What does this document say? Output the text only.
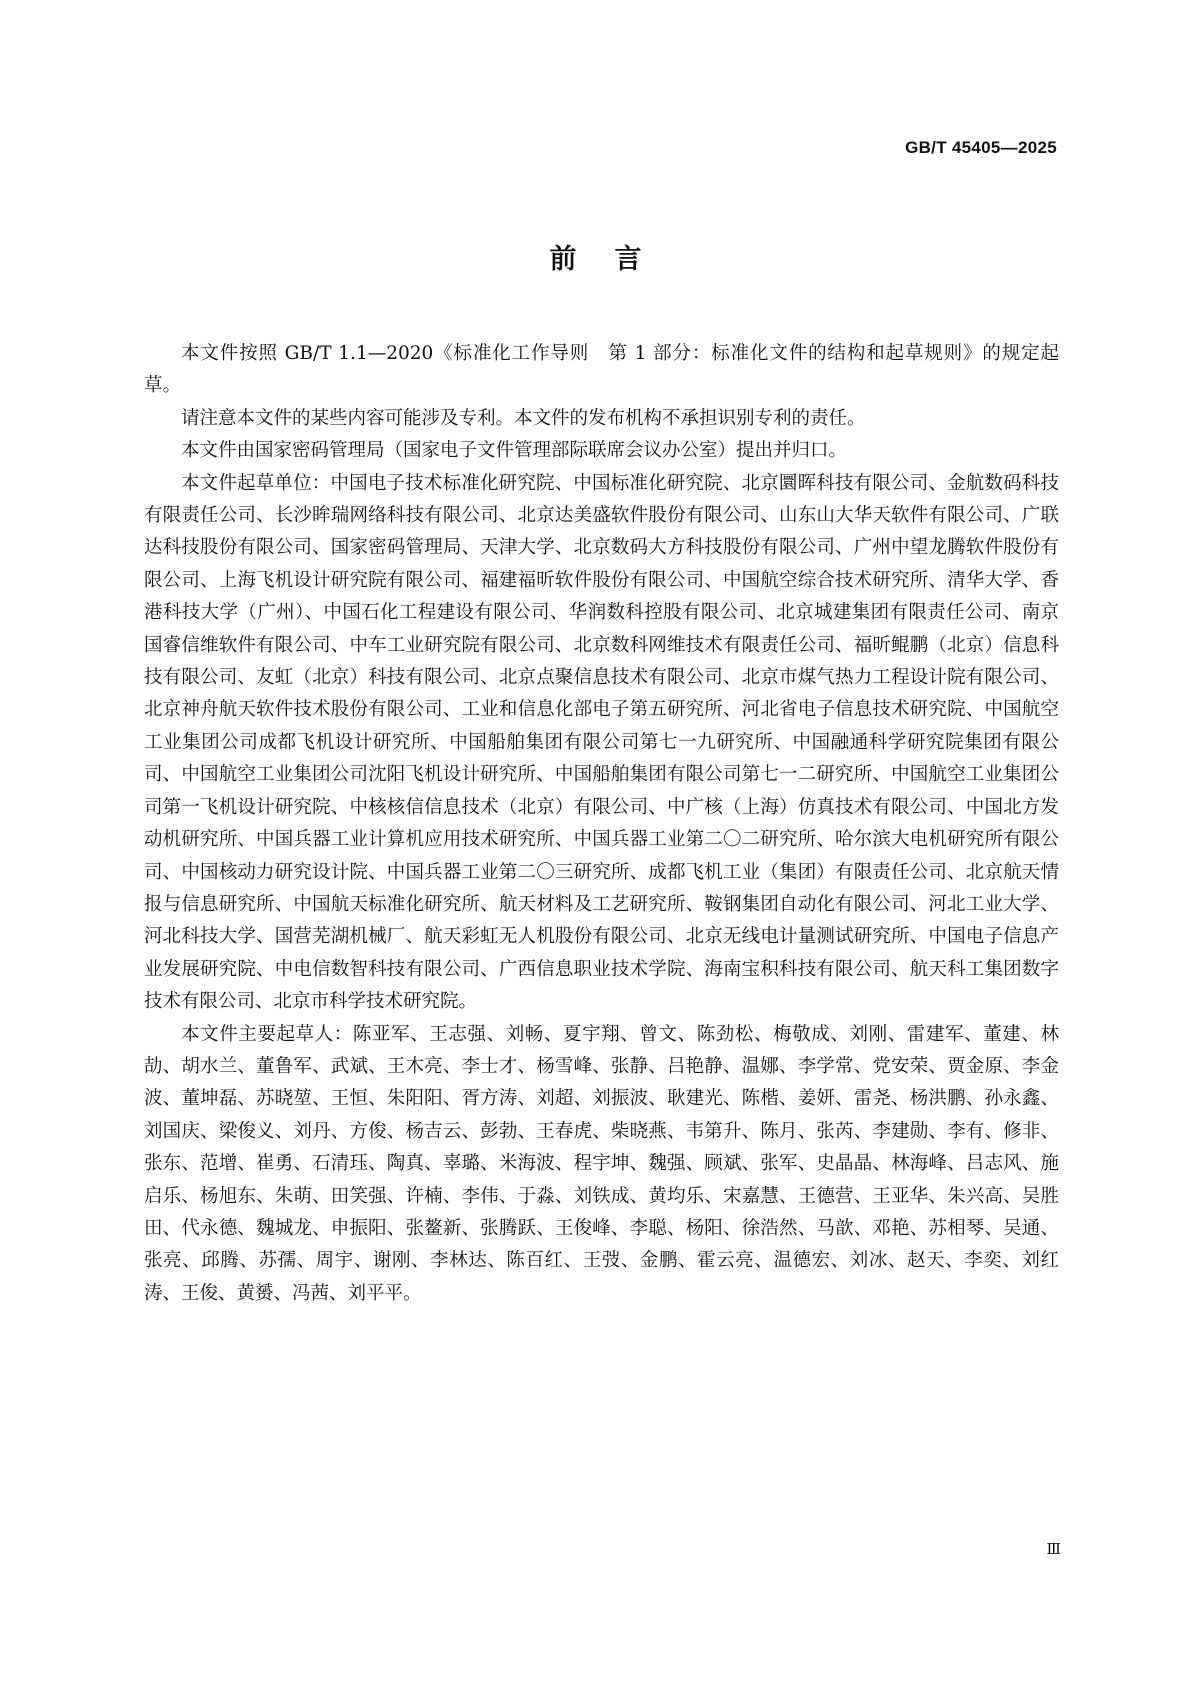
GB/T 45405—2025
前言

本文件按照 GB/T 1.1—2020《标准化工作导则　第 1 部分：标准化文件的结构和起草规则》的规定起草。

请注意本文件的某些内容可能涉及专利。本文件的发布机构不承担识别专利的责任。

本文件由国家密码管理局（国家电子文件管理部际联席会议办公室）提出并归口。

本文件起草单位：中国电子技术标准化研究院、中国标准化研究院、北京圜晖科技有限公司、金航数码科技有限责任公司、长沙眸瑞网络科技有限公司、北京达美盛软件股份有限公司、山东山大华天软件有限公司、广联达科技股份有限公司、国家密码管理局、天津大学、北京数码大方科技股份有限公司、广州中望龙腾软件股份有限公司、上海飞机设计研究院有限公司、福建福昕软件股份有限公司、中国航空综合技术研究所、清华大学、香港科技大学（广州）、中国石化工程建设有限公司、华润数科控股有限公司、北京城建集团有限责任公司、南京国睿信维软件有限公司、中车工业研究院有限公司、北京数科网维技术有限责任公司、福昕鲲鹏（北京）信息科技有限公司、友虹（北京）科技有限公司、北京点聚信息技术有限公司、北京市煤气热力工程设计院有限公司、北京神舟航天软件技术股份有限公司、工业和信息化部电子第五研究所、河北省电子信息技术研究院、中国航空工业集团公司成都飞机设计研究所、中国船舶集团有限公司第七一九研究所、中国融通科学研究院集团有限公司、中国航空工业集团公司沈阳飞机设计研究所、中国船舶集团有限公司第七一二研究所、中国航空工业集团公司第一飞机设计研究院、中核核信信息技术（北京）有限公司、中广核（上海）仿真技术有限公司、中国北方发动机研究所、中国兵器工业计算机应用技术研究所、中国兵器工业第二〇二研究所、哈尔滨大电机研究所有限公司、中国核动力研究设计院、中国兵器工业第二〇三研究所、成都飞机工业（集团）有限责任公司、北京航天情报与信息研究所、中国航天标准化研究所、航天材料及工艺研究所、鞍钢集团自动化有限公司、河北工业大学、河北科技大学、国营芜湖机械厂、航天彩虹无人机股份有限公司、北京无线电计量测试研究所、中国电子信息产业发展研究院、中电信数智科技有限公司、广西信息职业技术学院、海南宝积科技有限公司、航天科工集团数字技术有限公司、北京市科学技术研究院。

本文件主要起草人：陈亚军、王志强、刘畅、夏宇翔、曾文、陈劲松、梅敬成、刘刚、雷建军、董建、林劼、胡水兰、董鲁军、武斌、王木亮、李士才、杨雪峰、张静、吕艳静、温娜、李学常、党安荣、贾金原、李金波、董坤磊、苏晓堃、王恒、朱阳阳、胥方涛、刘超、刘振波、耿建光、陈楷、姜妍、雷尧、杨洪鹏、孙永鑫、刘国庆、梁俊义、刘丹、方俊、杨吉云、彭勃、王春虎、柴晓燕、韦第升、陈月、张芮、李建勋、李有、修非、张东、范增、崔勇、石清珏、陶真、辜璐、米海波、程宇坤、魏强、顾斌、张军、史晶晶、林海峰、吕志风、施启乐、杨旭东、朱萌、田笑强、许楠、李伟、于淼、刘铁成、黄均乐、宋嘉慧、王德营、王亚华、朱兴高、吴胜田、代永德、魏城龙、申振阳、张鳌新、张腾跃、王俊峰、李聪、杨阳、徐浩然、马歆、邓艳、苏相琴、吴通、张亮、邱腾、苏孺、周宇、谢刚、李林达、陈百红、王弢、金鹏、霍云亮、温德宏、刘冰、赵天、李奕、刘红涛、王俊、黄赟、冯茜、刘平平。

Ⅲ
